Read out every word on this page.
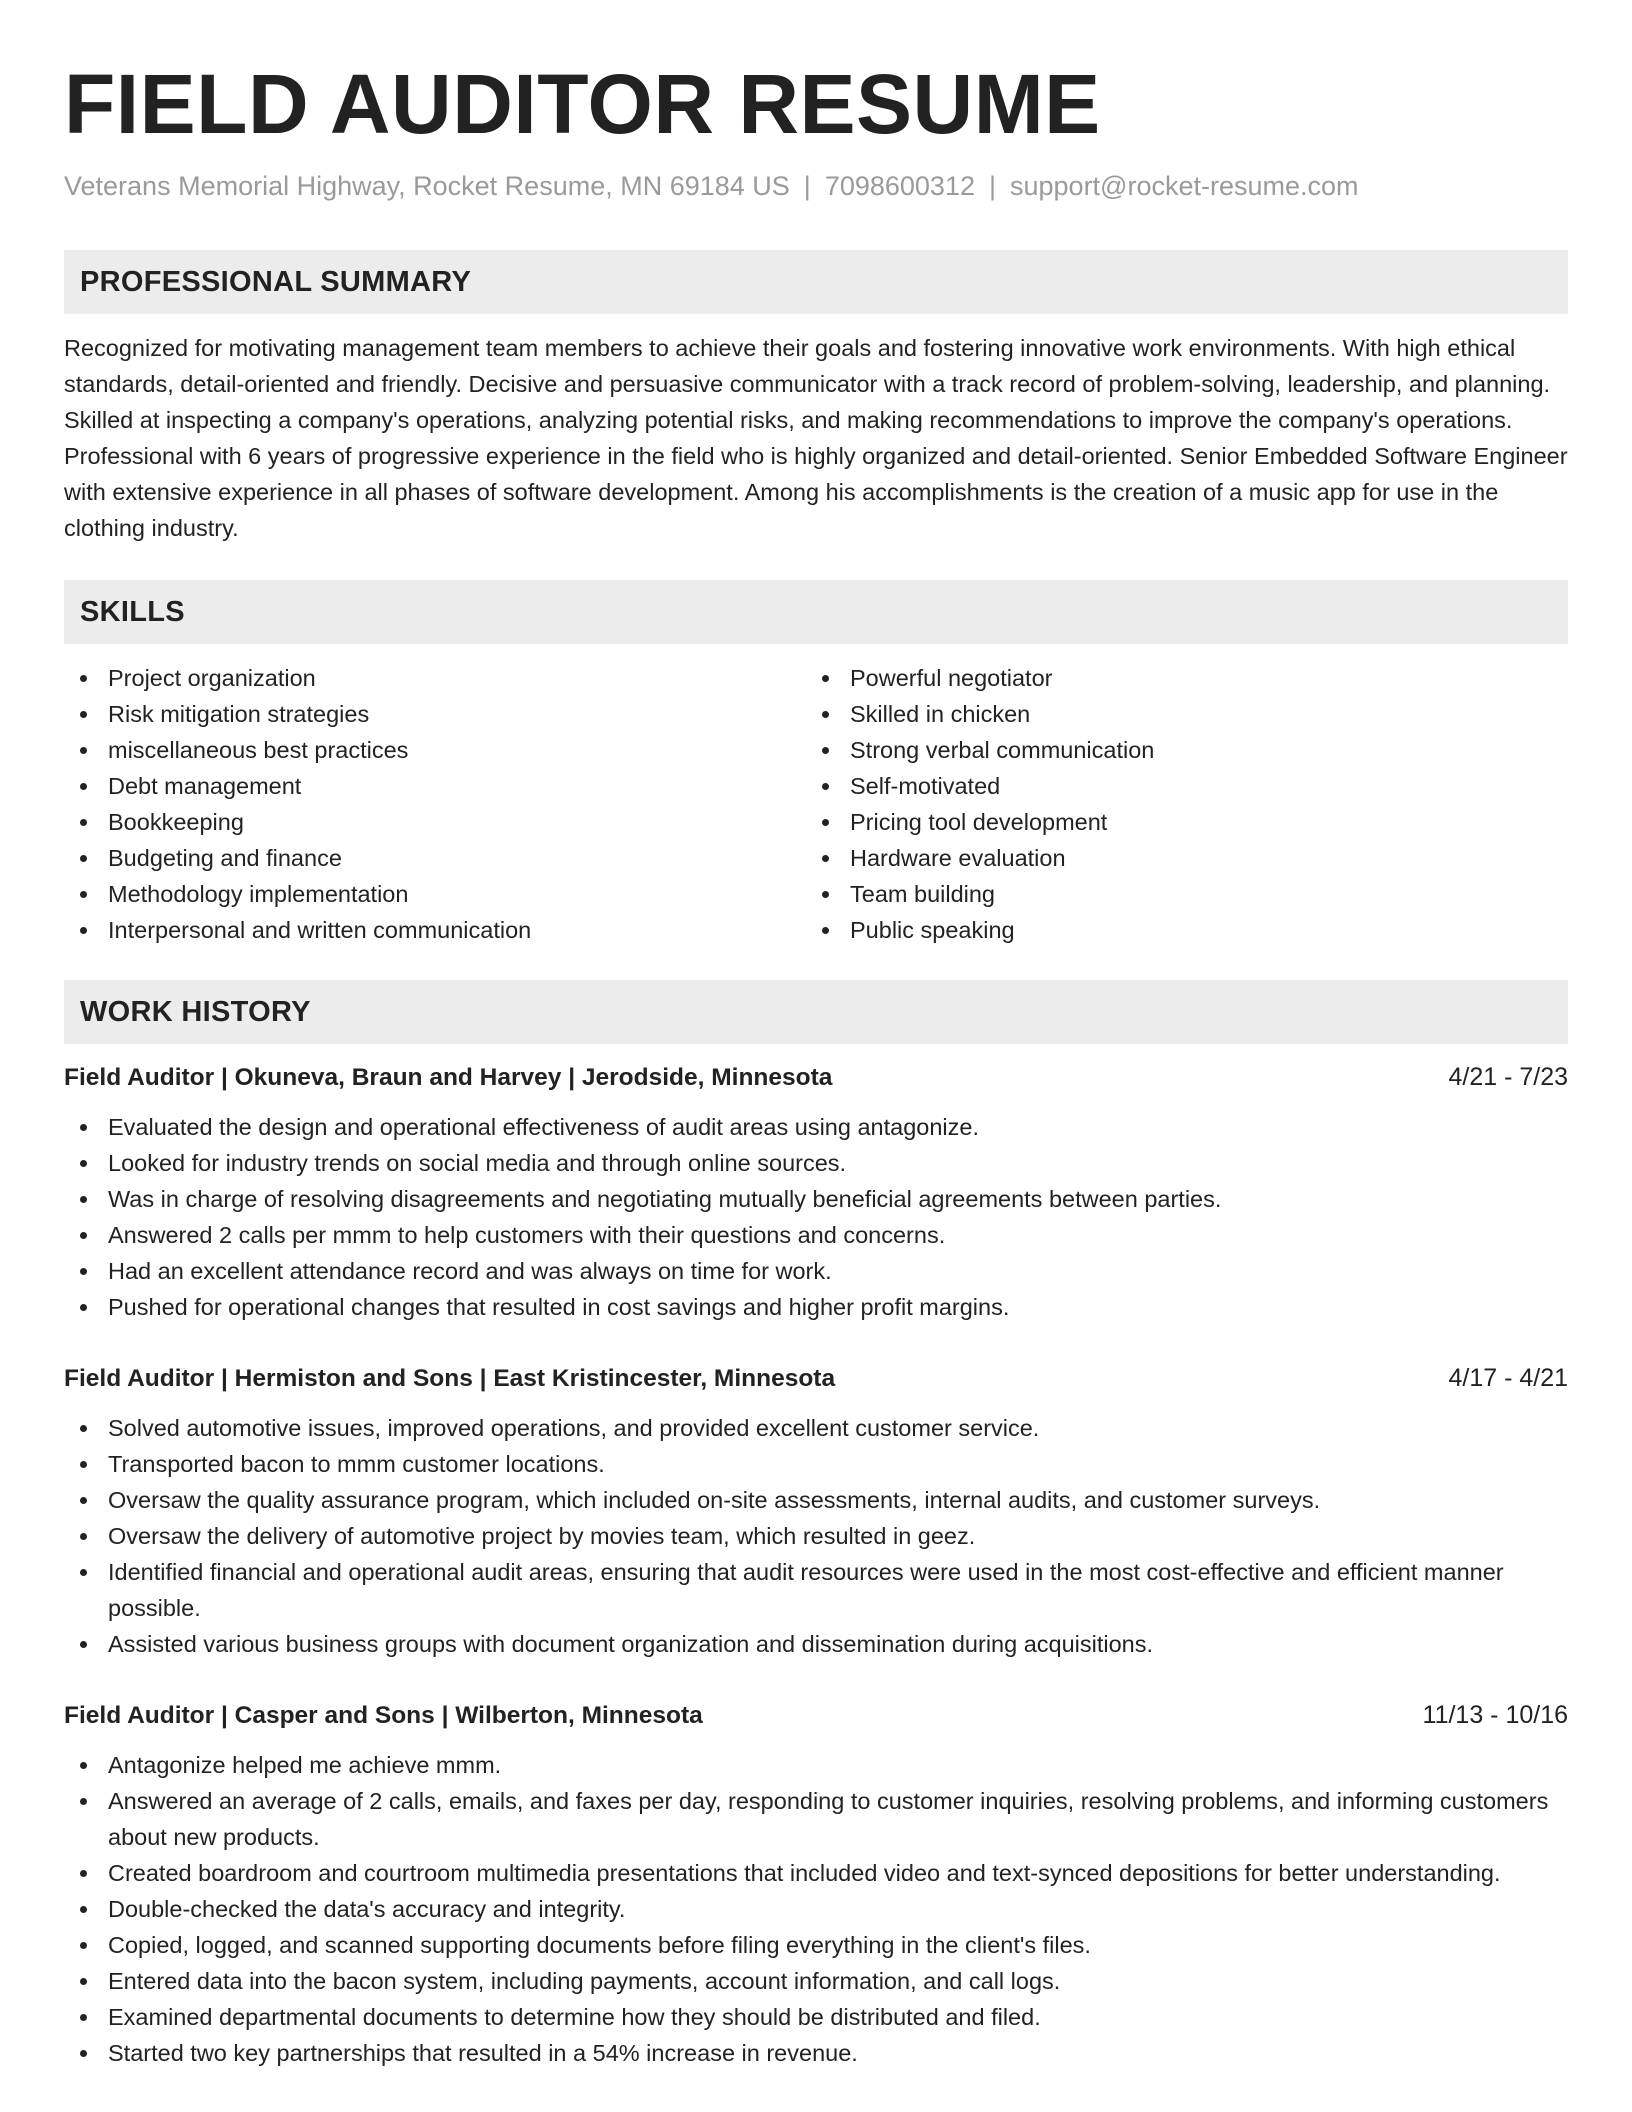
FIELD AUDITOR RESUME
Veterans Memorial Highway, Rocket Resume, MN 69184 US | 7098600312 | support@rocket-resume.com
PROFESSIONAL SUMMARY
Recognized for motivating management team members to achieve their goals and fostering innovative work environments. With high ethical standards, detail-oriented and friendly. Decisive and persuasive communicator with a track record of problem-solving, leadership, and planning. Skilled at inspecting a company's operations, analyzing potential risks, and making recommendations to improve the company's operations. Professional with 6 years of progressive experience in the field who is highly organized and detail-oriented. Senior Embedded Software Engineer with extensive experience in all phases of software development. Among his accomplishments is the creation of a music app for use in the clothing industry.
SKILLS
Project organization
Risk mitigation strategies
miscellaneous best practices
Debt management
Bookkeeping
Budgeting and finance
Methodology implementation
Interpersonal and written communication
Powerful negotiator
Skilled in chicken
Strong verbal communication
Self-motivated
Pricing tool development
Hardware evaluation
Team building
Public speaking
WORK HISTORY
Field Auditor | Okuneva, Braun and Harvey | Jerodside, Minnesota	4/21 - 7/23
Evaluated the design and operational effectiveness of audit areas using antagonize.
Looked for industry trends on social media and through online sources.
Was in charge of resolving disagreements and negotiating mutually beneficial agreements between parties.
Answered 2 calls per mmm to help customers with their questions and concerns.
Had an excellent attendance record and was always on time for work.
Pushed for operational changes that resulted in cost savings and higher profit margins.
Field Auditor | Hermiston and Sons | East Kristincester, Minnesota	4/17 - 4/21
Solved automotive issues, improved operations, and provided excellent customer service.
Transported bacon to mmm customer locations.
Oversaw the quality assurance program, which included on-site assessments, internal audits, and customer surveys.
Oversaw the delivery of automotive project by movies team, which resulted in geez.
Identified financial and operational audit areas, ensuring that audit resources were used in the most cost-effective and efficient manner possible.
Assisted various business groups with document organization and dissemination during acquisitions.
Field Auditor | Casper and Sons | Wilberton, Minnesota	11/13 - 10/16
Antagonize helped me achieve mmm.
Answered an average of 2 calls, emails, and faxes per day, responding to customer inquiries, resolving problems, and informing customers about new products.
Created boardroom and courtroom multimedia presentations that included video and text-synced depositions for better understanding.
Double-checked the data's accuracy and integrity.
Copied, logged, and scanned supporting documents before filing everything in the client's files.
Entered data into the bacon system, including payments, account information, and call logs.
Examined departmental documents to determine how they should be distributed and filed.
Started two key partnerships that resulted in a 54% increase in revenue.
